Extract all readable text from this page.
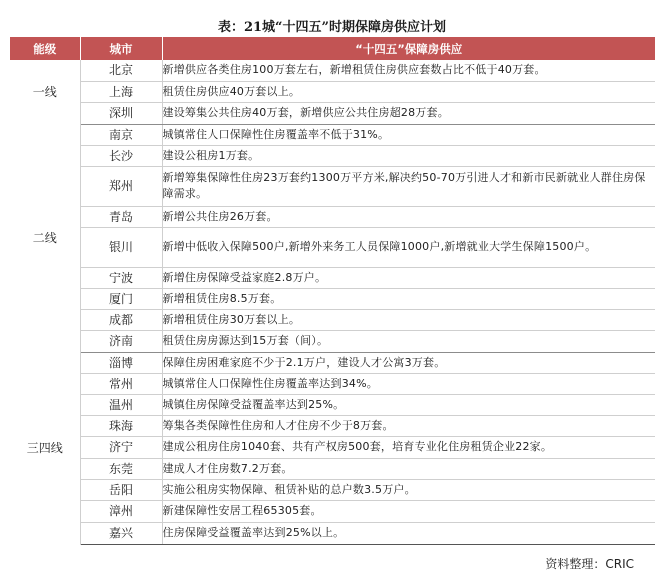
表：21城“十四五”时期保障房供应计划
能级	城市	“十四五”保障房供应
一线	北京	新增供应各类住房100万套左右，新增租赁住房供应套数占比不低于40万套。
	上海	租赁住房供应40万套以上。
	深圳	建设筹集公共住房40万套，新增供应公共住房超28万套。
二线	南京	城镇常住人口保障性住房覆盖率不低于31%。
	长沙	建设公租房1万套。
	郑州	新增筹集保障性住房23万套约1300万平方米,解决约50-70万引进人才和新市民新就业人群住房保障需求。
	青岛	新增公共住房26万套。
	银川	新增中低收入保障500户,新增外来务工人员保障1000户,新增就业大学生保障1500户。
	宁波	新增住房保障受益家庭2.8万户。
	厦门	新增租赁住房8.5万套。
	成都	新增租赁住房30万套以上。
	济南	租赁住房房源达到15万套（间）。
三四线	淄博	保障住房困难家庭不少于2.1万户，建设人才公寓3万套。
	常州	城镇常住人口保障性住房覆盖率达到34%。
	温州	城镇住房保障受益覆盖率达到25%。
	珠海	筹集各类保障性住房和人才住房不少于8万套。
	济宁	建成公租房住房1040套、共有产权房500套，培育专业化住房租赁企业22家。
	东莞	建成人才住房数7.2万套。
	岳阳	实施公租房实物保障、租赁补贴的总户数3.5万户。
	漳州	新建保障性安居工程65305套。
	嘉兴	住房保障受益覆盖率达到25%以上。
资料整理：CRIC
